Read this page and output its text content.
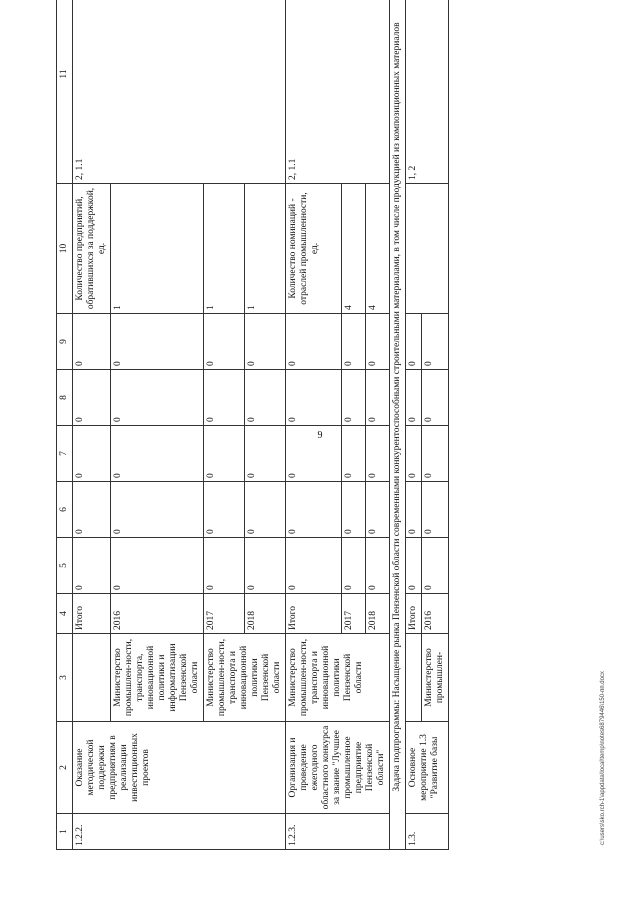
9
1	2	3	4	5	6	7	8	9	10	11
1.2.2.	Оказание методической поддержки предприятиям в реализации инвестиционных проектов		Итого	0	0	0	0	0	Количество предприятий, обратившихся за поддержкой, ед.	2, 1.1
		Министерство промышлен-ности, транспорта, инновационной политики и информатизации Пензенской области	2016	0	0	0	0	0	1	
		Министерство промышлен-ности, транспорта и инновационной политики Пензенской области	2017	0	0	0	0	0	1	
			2018	0	0	0	0	0	1	
1.2.3.	Организация и проведение ежегодного областного конкурса за звание "Лучшее промышленное предприятие Пензенской области"	Министерство промышлен-ности, транспорта и инновационной политики Пензенской области	Итого	0	0	0	0	0	Количество номинаций - отраслей промышленности, ед.	2, 1.1
			2017	0	0	0	0	0	4	
			2018	0	0	0	0	0	4	
Задача подпрограммы: Насыщение рынка Пензенской области современными конкурентоспособными строительными материалами, в том числе продукцией из композиционных материалов										
1.3.	Основное мероприятие 1.3 "Развитие базы		Итого	0	0	0	0	0		1, 2
		Министерство промышлен-	2016	0	0	0	0	0		
c:\users\sko.rch-1\appdata\local\temp\notes6879446\150-пп.docx
